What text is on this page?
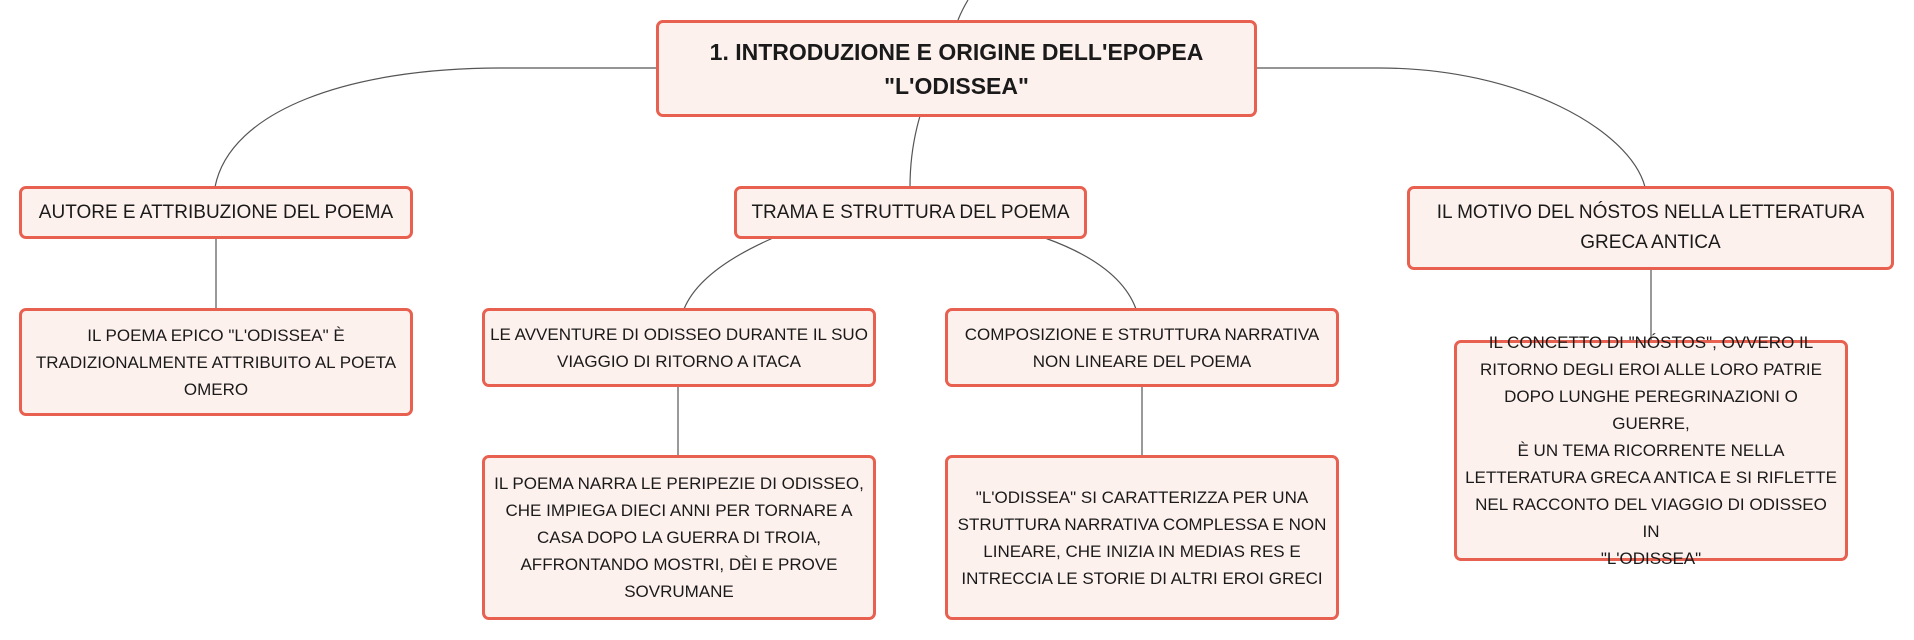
1. INTRODUZIONE E ORIGINE DELL'EPOPEA
"L'ODISSEA"
AUTORE E ATTRIBUZIONE DEL POEMA	TRAMA E STRUTTURA DEL POEMA	IL MOTIVO DEL NÓSTOS NELLA LETTERATURA
GRECA ANTICA
IL POEMA EPICO "L'ODISSEA" È
TRADIZIONALMENTE ATTRIBUITO AL POETA
OMERO
LE AVVENTURE DI ODISSEO DURANTE IL SUO
VIAGGIO DI RITORNO A ITACA
COMPOSIZIONE E STRUTTURA NARRATIVA
NON LINEARE DEL POEMA
IL CONCETTO DI "NÓSTOS", OVVERO IL
RITORNO DEGLI EROI ALLE LORO PATRIE
DOPO LUNGHE PEREGRINAZIONI O GUERRE,
È UN TEMA RICORRENTE NELLA
LETTERATURA GRECA ANTICA E SI RIFLETTE
NEL RACCONTO DEL VIAGGIO DI ODISSEO IN
"L'ODISSEA"
IL POEMA NARRA LE PERIPEZIE DI ODISSEO,
CHE IMPIEGA DIECI ANNI PER TORNARE A
CASA DOPO LA GUERRA DI TROIA,
AFFRONTANDO MOSTRI, DÈI E PROVE
SOVRUMANE
"L'ODISSEA" SI CARATTERIZZA PER UNA
STRUTTURA NARRATIVA COMPLESSA E NON
LINEARE, CHE INIZIA IN MEDIAS RES E
INTRECCIA LE STORIE DI ALTRI EROI GRECI
